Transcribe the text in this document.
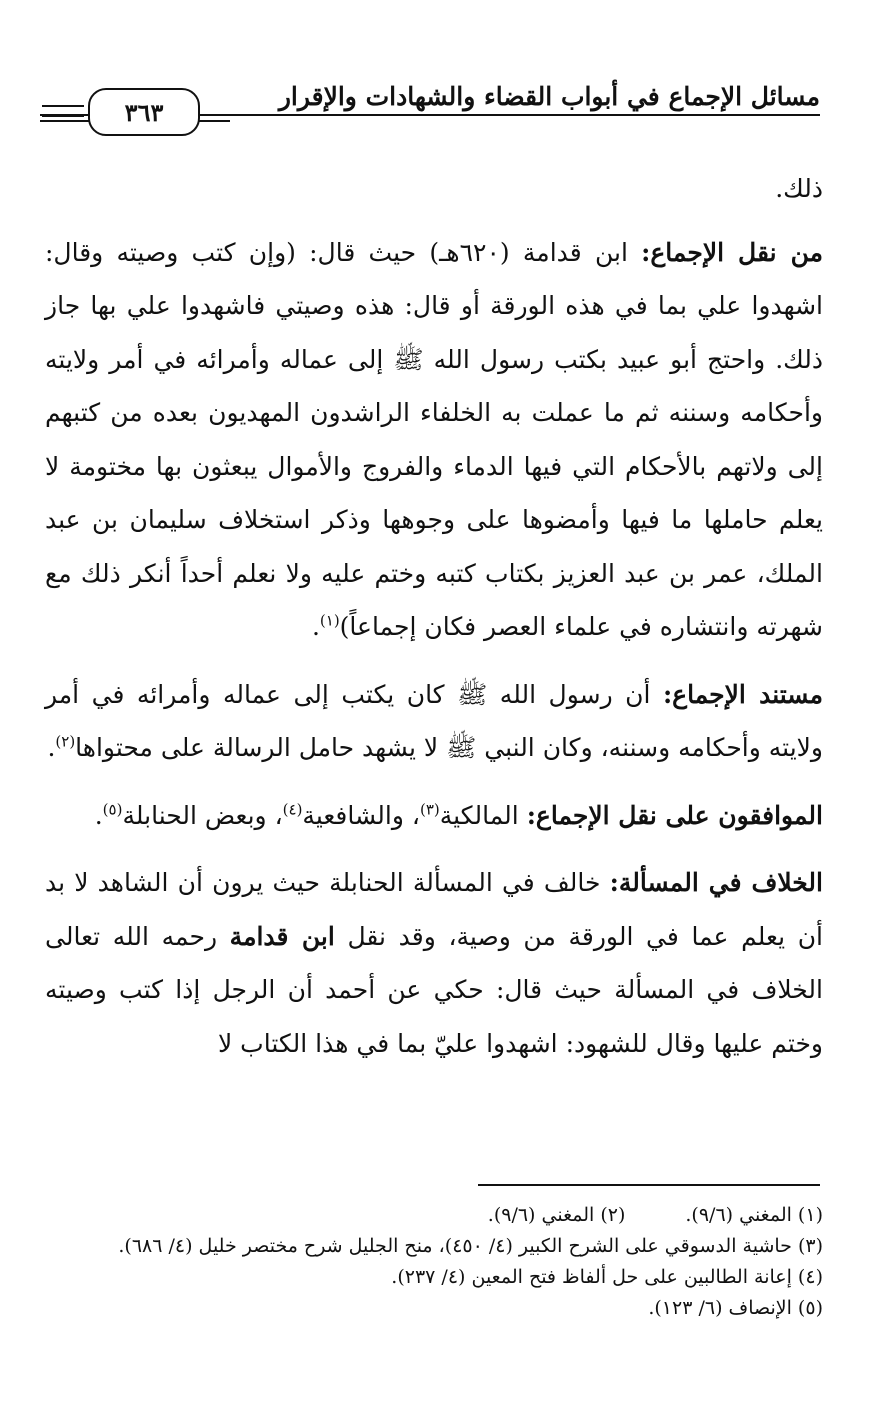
مسائل الإجماع في أبواب القضاء والشهادات والإقرار
٣٦٣

ذلك.

من نقل الإجماع: ابن قدامة (٦٢٠هـ) حيث قال: (وإن كتب وصيته وقال: اشهدوا علي بما في هذه الورقة أو قال: هذه وصيتي فاشهدوا علي بها جاز ذلك. واحتج أبو عبيد بكتب رسول الله ﷺ إلى عماله وأمرائه في أمر ولايته وأحكامه وسننه ثم ما عملت به الخلفاء الراشدون المهديون بعده من كتبهم إلى ولاتهم بالأحكام التي فيها الدماء والفروج والأموال يبعثون بها مختومة لا يعلم حاملها ما فيها وأمضوها على وجوهها وذكر استخلاف سليمان بن عبد الملك، عمر بن عبد العزيز بكتاب كتبه وختم عليه ولا نعلم أحداً أنكر ذلك مع شهرته وانتشاره في علماء العصر فكان إجماعاً)$^{(١)}$.

مستند الإجماع: أن رسول الله ﷺ كان يكتب إلى عماله وأمرائه في أمر ولايته وأحكامه وسننه، وكان النبي ﷺ لا يشهد حامل الرسالة على محتواها$^{(٢)}$.

الموافقون على نقل الإجماع: المالكية$^{(٣)}$، والشافعية$^{(٤)}$، وبعض الحنابلة$^{(٥)}$.

الخلاف في المسألة: خالف في المسألة الحنابلة حيث يرون أن الشاهد لا بد أن يعلم عما في الورقة من وصية، وقد نقل ابن قدامة رحمه الله تعالى الخلاف في المسألة حيث قال: حكي عن أحمد أن الرجل إذا كتب وصيته وختم عليها وقال للشهود: اشهدوا عليّ بما في هذا الكتاب لا

(١) المغني (٩/٦).(٢) المغني (٩/٦).
(٣) حاشية الدسوقي على الشرح الكبير (٤/ ٤٥٠)، منح الجليل شرح مختصر خليل (٤/ ٦٨٦).
(٤) إعانة الطالبين على حل ألفاظ فتح المعين (٤/ ٢٣٧).
(٥) الإنصاف (٦/ ١٢٣).
